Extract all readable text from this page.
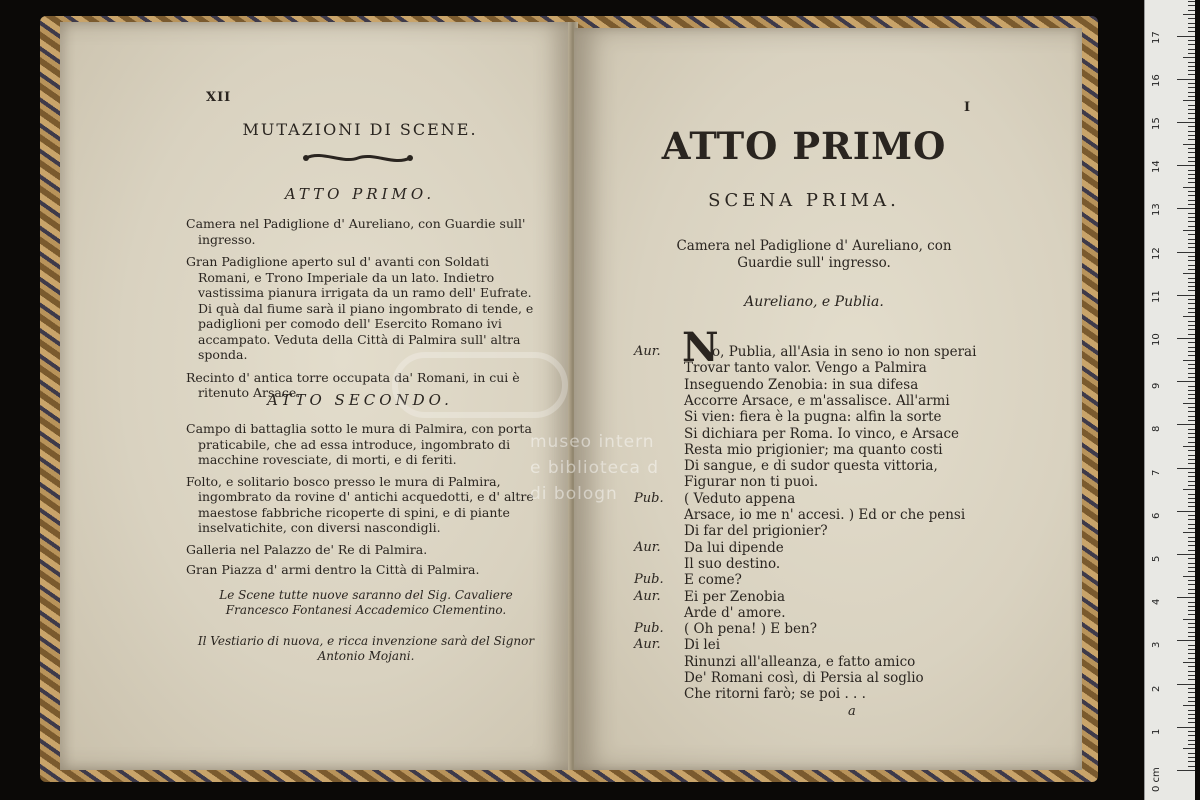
XII
MUTAZIONI DI SCENE.
ATTO PRIMO.
Camera nel Padiglione d' Aureliano, con Guardie sull' ingresso.
Gran Padiglione aperto sul d' avanti con Soldati Romani, e Trono Imperiale da un lato. Indietro vastissima pianura irrigata da un ramo dell' Eufrate. Di quà dal fiume sarà il piano ingombrato di tende, e padiglioni per comodo dell' Esercito Romano ivi accampato. Veduta della Città di Palmira sull' altra sponda.
Recinto d' antica torre occupata da' Romani, in cui è ritenuto Arsace.
ATTO SECONDO.
Campo di battaglia sotto le mura di Palmira, con porta praticabile, che ad essa introduce, ingombrato di macchine rovesciate, di morti, e di feriti.
Folto, e solitario bosco presso le mura di Palmira, ingombrato da rovine d' antichi acquedotti, e d' altre maestose fabbriche ricoperte di spini, e di piante inselvatichite, con diversi nascondigli.
Galleria nel Palazzo de' Re di Palmira.
Gran Piazza d' armi dentro la Città di Palmira.
Le Scene tutte nuove saranno del Sig. Cavaliere Francesco Fontanesi Accademico Clementino.
Il Vestiario di nuova, e ricca invenzione sarà del Signor Antonio Mojani.
I
ATTO PRIMO
SCENA PRIMA.
Camera nel Padiglione d' Aureliano, con Guardie sull' ingresso.
Aureliano, e Publia.
N
Aur.	o, Publia, all'Asia in seno io non sperai
Trovar tanto valor. Vengo a Palmira
Inseguendo Zenobia: in sua difesa
Accorre Arsace, e m'assalisce. All'armi
Si vien: fiera è la pugna: alfin la sorte
Si dichiara per Roma. Io vinco, e Arsace
Resta mio prigionier; ma quanto costi
Di sangue, e di sudor questa vittoria,
Figurar non ti puoi.
Pub. ( Veduto appena
Arsace, io me n' accesi. ) Ed or che pensi
Di far del prigionier?
Aur. Da lui dipende
Il suo destino.
Pub. E come?
Aur. Ei per Zenobia
Arde d' amore.
Pub. ( Oh pena! ) E ben?
Aur. Di lei
Rinunzi all'alleanza, e fatto amico
De' Romani così, di Persia al soglio
Che ritorni farò; se poi . . .
a
museo intern
e biblioteca d
di bologn
0 cm
1
2
3
4
5
6
7
8
9
10
11
12
13
14
15
16
17
